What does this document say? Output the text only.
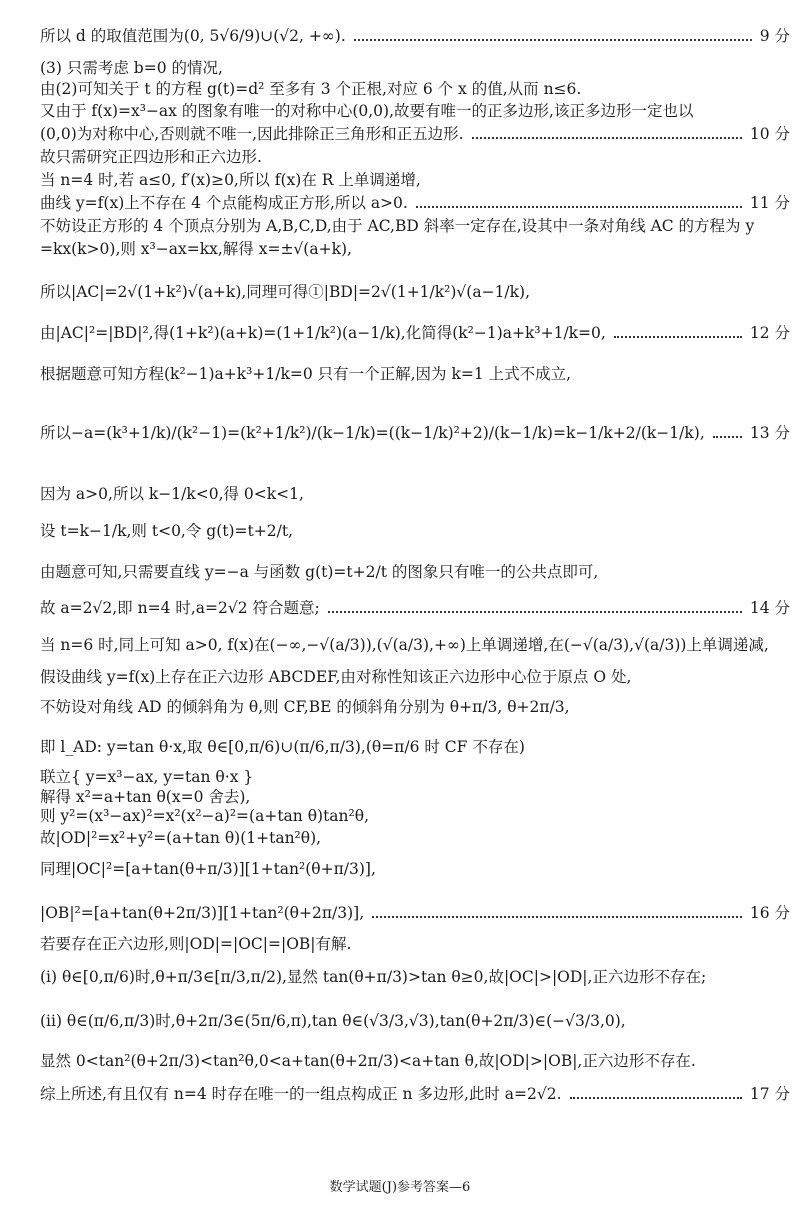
所以 d 的取值范围为(0, 5√6/9)∪(√2, +∞).	9 分
(3) 只需考虑 b=0 的情况,
由(2)可知关于 t 的方程 g(t)=d² 至多有 3 个正根,对应 6 个 x 的值,从而 n≤6.
又由于 f(x)=x³−ax 的图象有唯一的对称中心(0,0),故要有唯一的正多边形,该正多边形一定也以
(0,0)为对称中心,否则就不唯一,因此排除正三角形和正五边形.	10 分
故只需研究正四边形和正六边形.
当 n=4 时,若 a≤0, f′(x)≥0,所以 f(x)在 R 上单调递增,
曲线 y=f(x)上不存在 4 个点能构成正方形,所以 a>0.	11 分
不妨设正方形的 4 个顶点分别为 A,B,C,D,由于 AC,BD 斜率一定存在,设其中一条对角线 AC 的方程为 y
=kx(k>0),则 x³−ax=kx,解得 x=±√(a+k),
所以|AC|=2√(1+k²)√(a+k),同理可得①|BD|=2√(1+1/k²)√(a−1/k),
由|AC|²=|BD|²,得(1+k²)(a+k)=(1+1/k²)(a−1/k),化简得(k²−1)a+k³+1/k=0,	12 分
根据题意可知方程(k²−1)a+k³+1/k=0 只有一个正解,因为 k=1 上式不成立,
所以−a=(k³+1/k)/(k²−1)=(k²+1/k²)/(k−1/k)=((k−1/k)²+2)/(k−1/k)=k−1/k+2/(k−1/k),	13 分
因为 a>0,所以 k−1/k<0,得 0<k<1,
设 t=k−1/k,则 t<0,令 g(t)=t+2/t,
由题意可知,只需要直线 y=−a 与函数 g(t)=t+2/t 的图象只有唯一的公共点即可,
故 a=2√2,即 n=4 时,a=2√2 符合题意;	14 分
当 n=6 时,同上可知 a>0, f(x)在(−∞,−√(a/3)),(√(a/3),+∞)上单调递增,在(−√(a/3),√(a/3))上单调递减,
假设曲线 y=f(x)上存在正六边形 ABCDEF,由对称性知该正六边形中心位于原点 O 处,
不妨设对角线 AD 的倾斜角为 θ,则 CF,BE 的倾斜角分别为 θ+π/3, θ+2π/3,
即 l_AD: y=tan θ·x,取 θ∈[0,π/6)∪(π/6,π/3),(θ=π/6 时 CF 不存在)
联立{ y=x³−ax, y=tan θ·x }
解得 x²=a+tan θ(x=0 舍去),
则 y²=(x³−ax)²=x²(x²−a)²=(a+tan θ)tan²θ,
故|OD|²=x²+y²=(a+tan θ)(1+tan²θ),
同理|OC|²=[a+tan(θ+π/3)][1+tan²(θ+π/3)],
|OB|²=[a+tan(θ+2π/3)][1+tan²(θ+2π/3)],	16 分
若要存在正六边形,则|OD|=|OC|=|OB|有解.
(i) θ∈[0,π/6)时,θ+π/3∈[π/3,π/2),显然 tan(θ+π/3)>tan θ≥0,故|OC|>|OD|,正六边形不存在;
(ii) θ∈(π/6,π/3)时,θ+2π/3∈(5π/6,π),tan θ∈(√3/3,√3),tan(θ+2π/3)∈(−√3/3,0),
显然 0<tan²(θ+2π/3)<tan²θ,0<a+tan(θ+2π/3)<a+tan θ,故|OD|>|OB|,正六边形不存在.
综上所述,有且仅有 n=4 时存在唯一的一组点构成正 n 多边形,此时 a=2√2.	17 分
数学试题(J)参考答案—6
